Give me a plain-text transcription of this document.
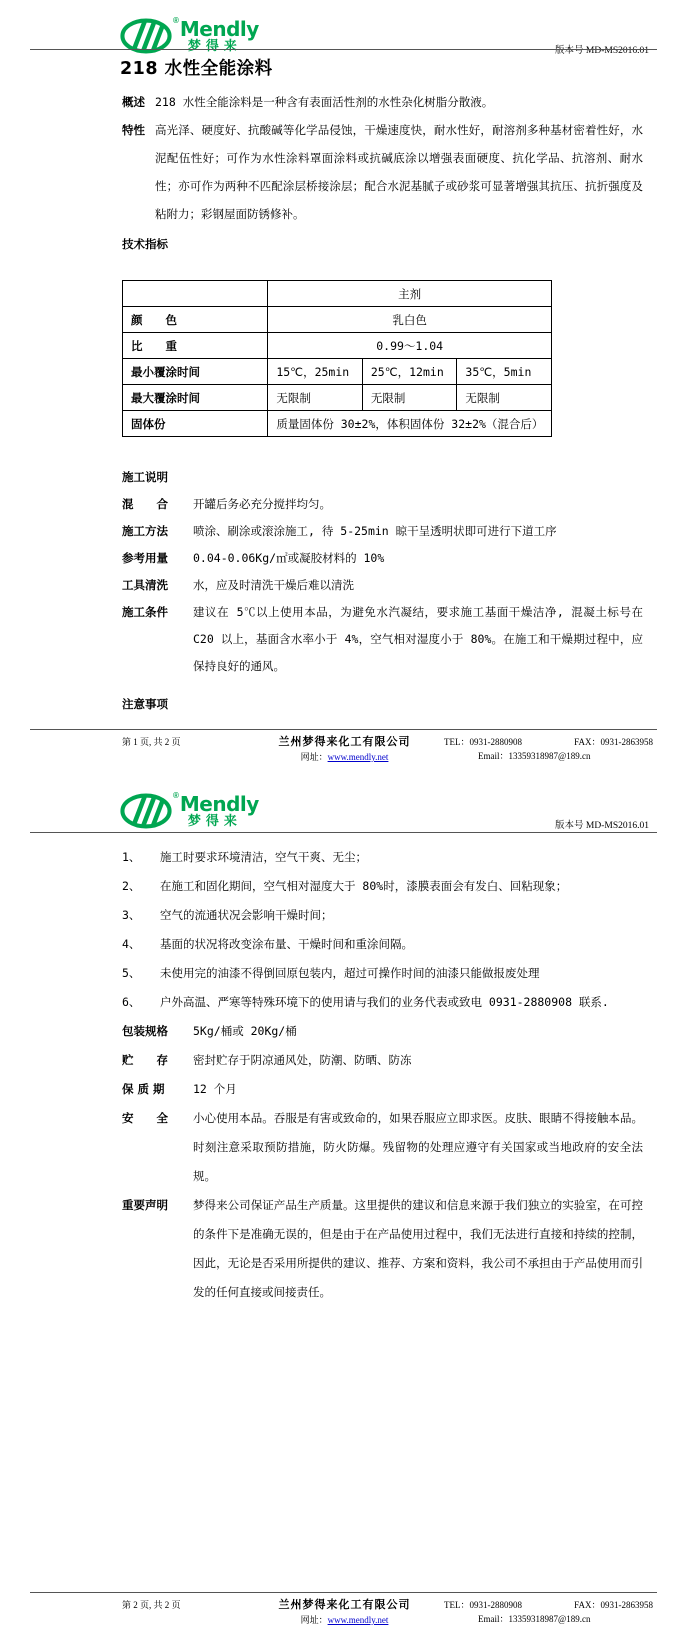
® Mendly
梦得来	版本号 MD-MS2016.01
218 水性全能涂料
概述 218 水性全能涂料是一种含有表面活性剂的水性杂化树脂分散液。
特性 高光泽、硬度好、抗酸碱等化学品侵蚀，干燥速度快，耐水性好，耐溶剂多种基材密着性好，水泥配伍性好；可作为水性涂料罩面涂料或抗碱底涂以增强表面硬度、抗化学品、抗溶剂、耐水性；亦可作为两种不匹配涂层桥接涂层；配合水泥基腻子或砂浆可显著增强其抗压、抗折强度及粘附力；彩钢屋面防锈修补。
技术指标
	主剂		
颜　　色	乳白色		
比　　重	0.99～1.04		
最小覆涂时间	15℃，25min	25℃，12min	35℃，5min
最大覆涂时间	无限制	无限制	无限制
固体份	质量固体份 30±2%，体积固体份 32±2%（混合后）		
施工说明
混　　合	开罐后务必充分搅拌均匀。
施工方法	喷涂、刷涂或滚涂施工, 待 5-25min 晾干呈透明状即可进行下道工序
参考用量	0.04-0.06Kg/㎡或凝胶材料的 10%
工具清洗	水，应及时清洗干燥后难以清洗
施工条件	建议在 5℃以上使用本品，为避免水汽凝结，要求施工基面干燥洁净, 混凝土标号在 C20 以上，基面含水率小于 4%，空气相对湿度小于 80%。在施工和干燥期过程中，应保持良好的通风。
注意事项
第 1 页, 共 2 页	兰州梦得来化工有限公司
网址：www.mendly.net
TEL：0931-2880908	FAX：0931-2863958
Email：13359318987@189.cn
® Mendly
梦得来	版本号 MD-MS2016.01
1、	施工时要求环境清洁，空气干爽、无尘；
2、	在施工和固化期间，空气相对湿度大于 80%时，漆膜表面会有发白、回粘现象；
3、	空气的流通状况会影响干燥时间；
4、	基面的状况将改变涂布量、干燥时间和重涂间隔。
5、	未使用完的油漆不得倒回原包装内，超过可操作时间的油漆只能做报废处理
6、	户外高温、严寒等特殊环境下的使用请与我们的业务代表或致电 0931-2880908 联系.
包装规格	5Kg/桶或 20Kg/桶
贮　　存	密封贮存于阴凉通风处，防潮、防晒、防冻
保 质 期	12 个月
安　　全	小心使用本品。吞服是有害或致命的，如果吞服应立即求医。皮肤、眼睛不得接触本品。时刻注意采取预防措施，防火防爆。残留物的处理应遵守有关国家或当地政府的安全法规。
重要声明	梦得来公司保证产品生产质量。这里提供的建议和信息来源于我们独立的实验室，在可控的条件下是准确无误的，但是由于在产品使用过程中，我们无法进行直接和持续的控制，因此，无论是否采用所提供的建议、推荐、方案和资料，我公司不承担由于产品使用而引发的任何直接或间接责任。
第 2 页, 共 2 页	兰州梦得来化工有限公司
网址：www.mendly.net
TEL：0931-2880908	FAX：0931-2863958
Email：13359318987@189.cn
